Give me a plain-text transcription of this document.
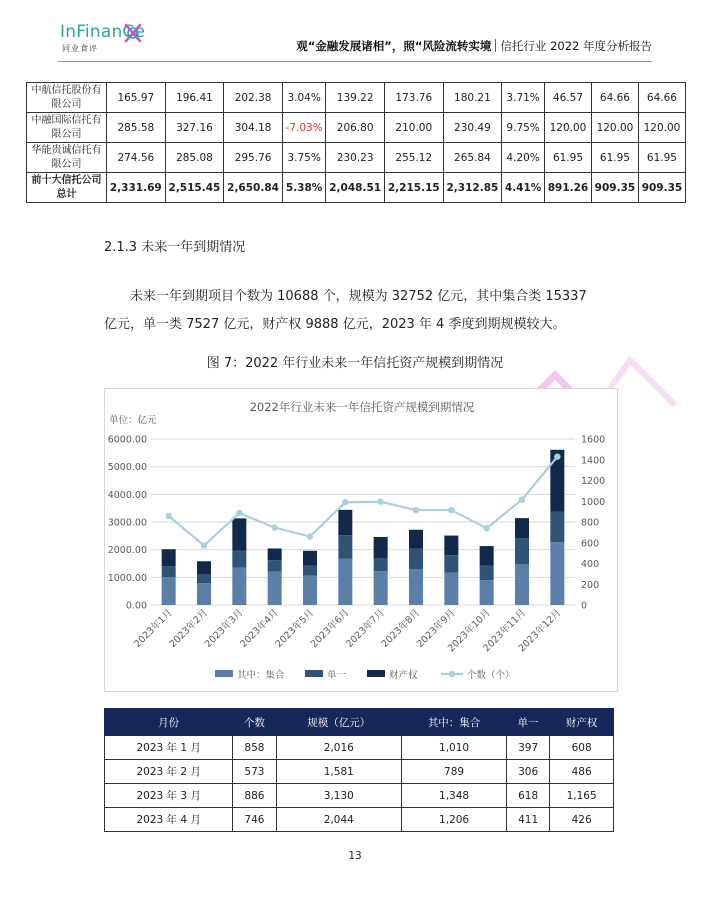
InFinanCe
同业食评	观“金融发展诸相”，照“风险流转实境 信托行业 2022 年度分析报告
中航信托股份有限公司	165.97	196.41	202.38	3.04%	139.22	173.76	180.21	3.71%	46.57	64.66	64.66
中融国际信托有限公司	285.58	327.16	304.18	-7.03%	206.80	210.00	230.49	9.75%	120.00	120.00	120.00
华能贵诚信托有限公司	274.56	285.08	295.76	3.75%	230.23	255.12	265.84	4.20%	61.95	61.95	61.95
前十大信托公司总计	2,331.69	2,515.45	2,650.84	5.38%	2,048.51	2,215.15	2,312.85	4.41%	891.26	909.35	909.35
2.1.3 未来一年到期情况
未来一年到期项目个数为 10688 个，规模为 32752 亿元，其中集合类 15337
亿元，单一类 7527 亿元，财产权 9888 亿元，2023 年 4 季度到期规模较大。
图 7：2022 年行业未来一年信托资产规模到期情况
2022年行业未来一年信托资产规模到期情况
单位：亿元
0.00
1000.00
2000.00
3000.00
4000.00
5000.00
6000.00
0
200
400
600
800
1000
1200
1400
1600
2023年1月
2023年2月
2023年3月
2023年4月
2023年5月
2023年6月
2023年7月
2023年8月
2023年9月
2023年10月
2023年11月
2023年12月
其中：集合	单一	财产权	个数（个）
月份	个数	规模（亿元）	其中：集合	单一	财产权
2023 年 1 月	858	2,016	1,010	397	608
2023 年 2 月	573	1,581	789	306	486
2023 年 3 月	886	3,130	1,348	618	1,165
2023 年 4 月	746	2,044	1,206	411	426
13
